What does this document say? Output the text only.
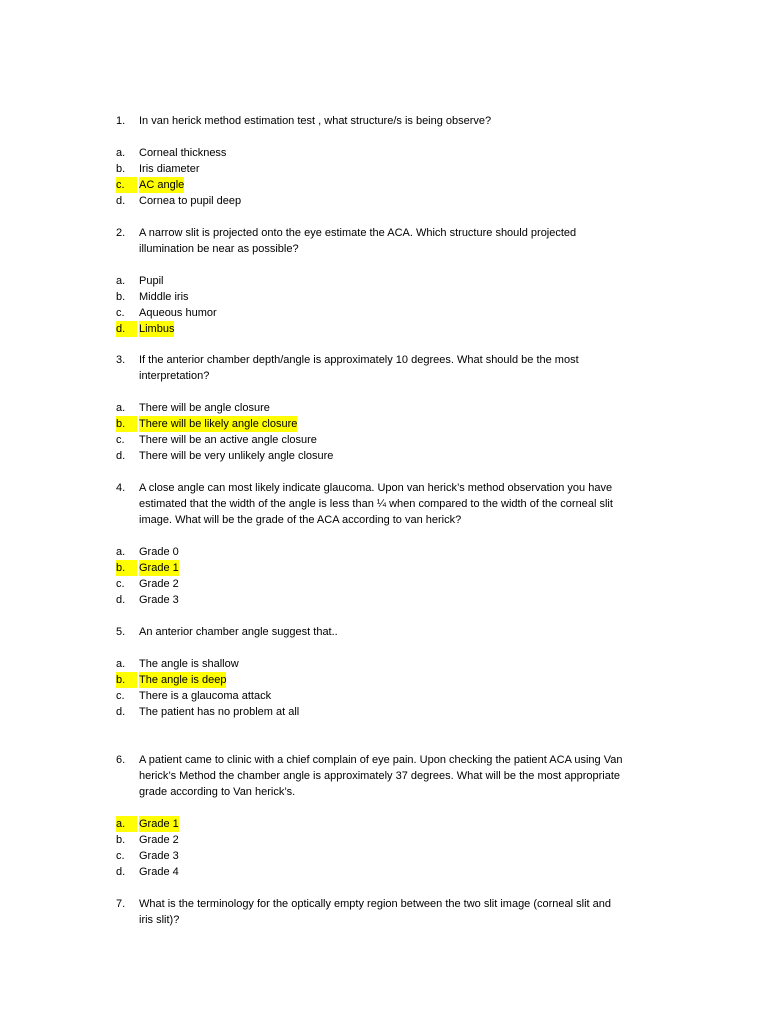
1. In van herick method estimation test , what structure/s is being observe?
a. Corneal thickness
b. Iris diameter
c.	AC angle
d. Cornea to pupil deep
2. A narrow slit is projected onto the eye estimate the ACA. Which structure should projected
illumination be near as possible?
a. Pupil
b. Middle iris
c. Aqueous humor
d.	Limbus
3. If the anterior chamber depth/angle is approximately 10 degrees. What should be the most
interpretation?
a. There will be angle closure
b.	There will be likely angle closure
c. There will be an active angle closure
d. There will be very unlikely angle closure
4. A close angle can most likely indicate glaucoma. Upon van herick’s method observation you have
estimated that the width of the angle is less than ¼ when compared to the width of the corneal slit
image. What will be the grade of the ACA according to van herick?
a. Grade 0
b.	Grade 1
c. Grade 2
d. Grade 3
5. An anterior chamber angle suggest that..
a. The angle is shallow
b.	The angle is deep
c. There is a glaucoma attack
d. The patient has no problem at all
6. A patient came to clinic with a chief complain of eye pain. Upon checking the patient ACA using Van
herick’s Method the chamber angle is approximately 37 degrees. What will be the most appropriate
grade according to Van herick’s.
a.	Grade 1
b. Grade 2
c. Grade 3
d. Grade 4
7. What is the terminology for the optically empty region between the two slit image (corneal slit and
iris slit)?
